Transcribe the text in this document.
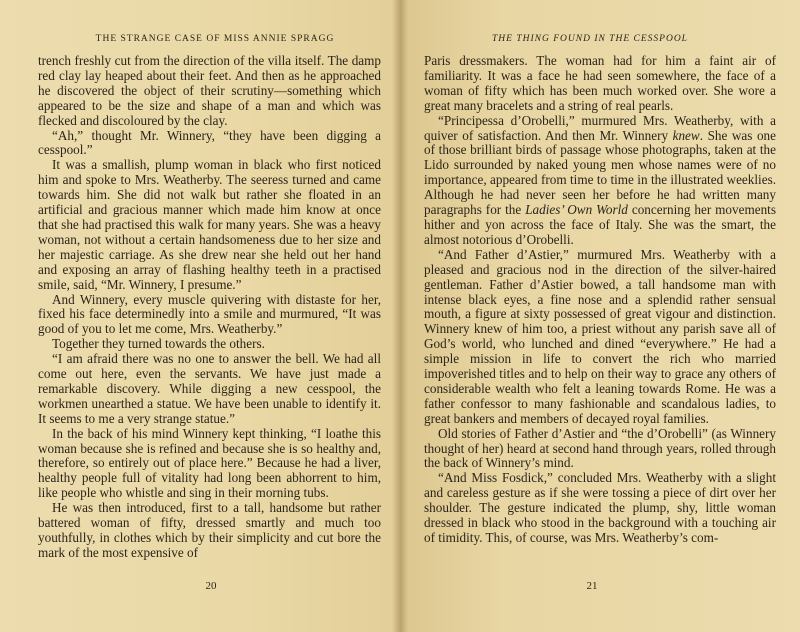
THE STRANGE CASE OF MISS ANNIE SPRAGG

trench freshly cut from the direction of the villa itself. The damp red clay lay heaped about their feet. And then as he approached he discovered the object of their scrutiny—something which appeared to be the size and shape of a man and which was flecked and discoloured by the clay.

“Ah,” thought Mr. Winnery, “they have been digging a cesspool.”

It was a smallish, plump woman in black who first noticed him and spoke to Mrs. Weatherby. The seeress turned and came towards him. She did not walk but rather she floated in an artificial and gracious manner which made him know at once that she had practised this walk for many years. She was a heavy woman, not without a certain handsomeness due to her size and her majestic carriage. As she drew near she held out her hand and exposing an array of flashing healthy teeth in a practised smile, said, “Mr. Winnery, I presume.”

And Winnery, every muscle quivering with distaste for her, fixed his face determinedly into a smile and murmured, “It was good of you to let me come, Mrs. Weatherby.”

Together they turned towards the others.

“I am afraid there was no one to answer the bell. We had all come out here, even the servants. We have just made a remarkable discovery. While digging a new cesspool, the workmen unearthed a statue. We have been unable to identify it. It seems to me a very strange statue.”

In the back of his mind Winnery kept thinking, “I loathe this woman because she is refined and because she is so healthy and, therefore, so entirely out of place here.” Because he had a liver, healthy people full of vitality had long been abhorrent to him, like people who whistle and sing in their morning tubs.

He was then introduced, first to a tall, handsome but rather battered woman of fifty, dressed smartly and much too youthfully, in clothes which by their simplicity and cut bore the mark of the most expensive of

20
THE THING FOUND IN THE CESSPOOL

Paris dressmakers. The woman had for him a faint air of familiarity. It was a face he had seen somewhere, the face of a woman of fifty which has been much worked over. She wore a great many bracelets and a string of real pearls.

“Principessa d’Orobelli,” murmured Mrs. Weatherby, with a quiver of satisfaction. And then Mr. Winnery knew. She was one of those brilliant birds of passage whose photographs, taken at the Lido surrounded by naked young men whose names were of no importance, appeared from time to time in the illustrated weeklies. Although he had never seen her before he had written many paragraphs for the Ladies’ Own World concerning her movements hither and yon across the face of Italy. She was the smart, the almost notorious d’Orobelli.

“And Father d’Astier,” murmured Mrs. Weatherby with a pleased and gracious nod in the direction of the silver-haired gentleman. Father d’Astier bowed, a tall handsome man with intense black eyes, a fine nose and a splendid rather sensual mouth, a figure at sixty possessed of great vigour and distinction. Winnery knew of him too, a priest without any parish save all of God’s world, who lunched and dined “everywhere.” He had a simple mission in life to convert the rich who married impoverished titles and to help on their way to grace any others of considerable wealth who felt a leaning towards Rome. He was a father confessor to many fashionable and scandalous ladies, to great bankers and members of decayed royal families.

Old stories of Father d’Astier and “the d’Orobelli” (as Winnery thought of her) heard at second hand through years, rolled through the back of Winnery’s mind.

“And Miss Fosdick,” concluded Mrs. Weatherby with a slight and careless gesture as if she were tossing a piece of dirt over her shoulder. The gesture indicated the plump, shy, little woman dressed in black who stood in the background with a touching air of timidity. This, of course, was Mrs. Weatherby’s com-

21
